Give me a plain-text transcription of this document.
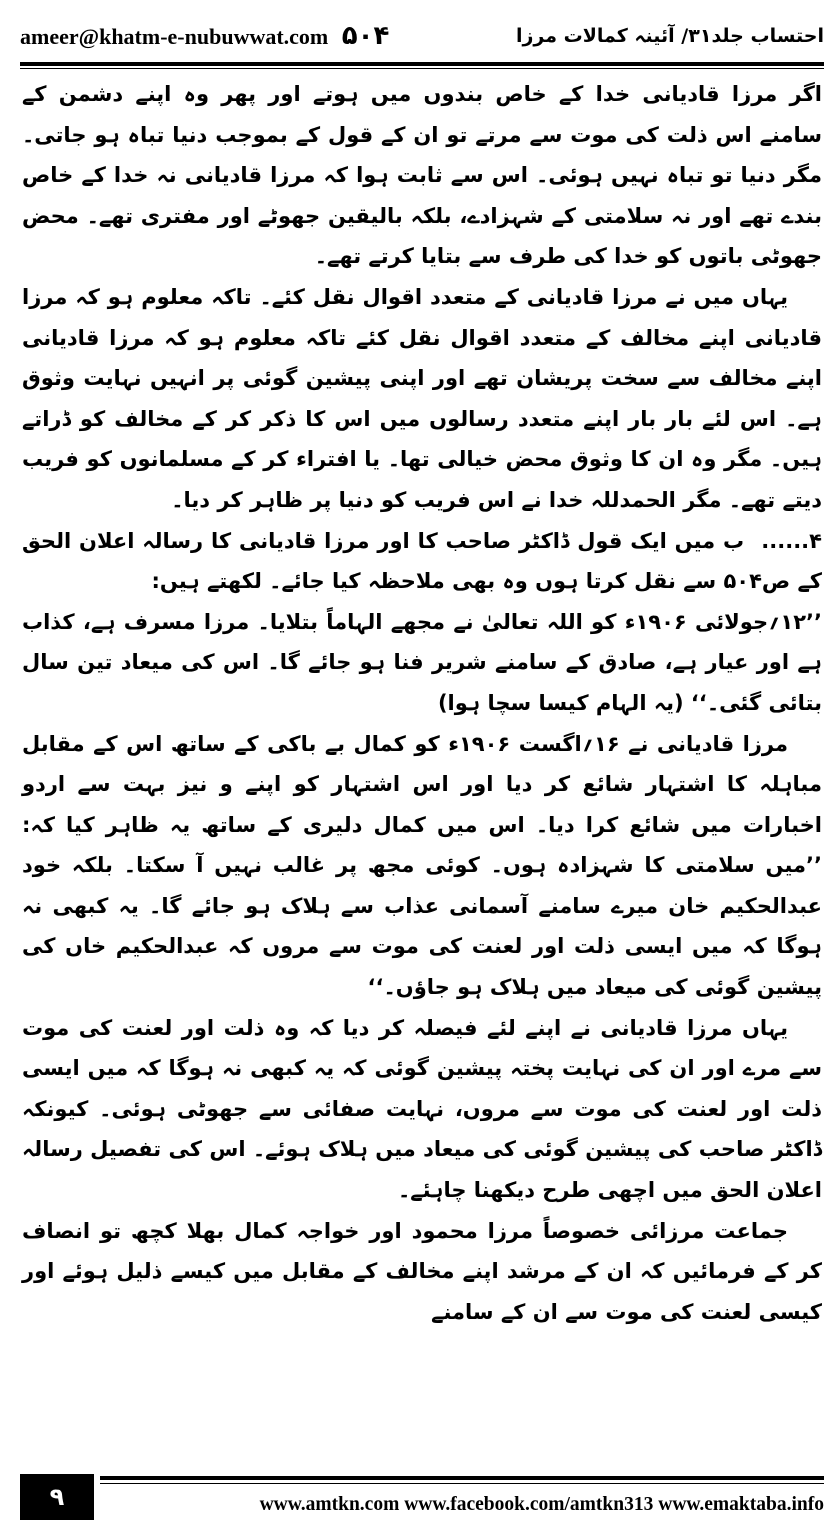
ameer@khatm-e-nubuwwat.com ۵۰۴	احتساب جلد۳۱/ آئینہ کمالات مرزا

اگر مرزا قادیانی خدا کے خاص بندوں میں ہوتے اور پھر وہ اپنے دشمن کے سامنے اس ذلت کی موت سے مرتے تو ان کے قول کے بموجب دنیا تباہ ہو جاتی۔ مگر دنیا تو تباہ نہیں ہوئی۔ اس سے ثابت ہوا کہ مرزا قادیانی نہ خدا کے خاص بندے تھے اور نہ سلامتی کے شہزادے، بلکہ بالیقین جھوٹے اور مفتری تھے۔ محض جھوٹی باتوں کو خدا کی طرف سے بتایا کرتے تھے۔

یہاں میں نے مرزا قادیانی کے متعدد اقوال نقل کئے۔ تاکہ معلوم ہو کہ مرزا قادیانی اپنے مخالف کے متعدد اقوال نقل کئے تاکہ معلوم ہو کہ مرزا قادیانی اپنے مخالف سے سخت پریشان تھے اور اپنی پیشین گوئی پر انہیں نہایت وثوق ہے۔ اس لئے بار بار اپنے متعدد رسالوں میں اس کا ذکر کر کے مخالف کو ڈراتے ہیں۔ مگر وہ ان کا وثوق محض خیالی تھا۔ یا افتراء کر کے مسلمانوں کو فریب دیتے تھے۔ مگر الحمدللہ خدا نے اس فریب کو دنیا پر ظاہر کر دیا۔

۴...... ب میں ایک قول ڈاکٹر صاحب کا اور مرزا قادیانی کا رسالہ اعلان الحق کے ص۵۰۴ سے نقل کرتا ہوں وہ بھی ملاحظہ کیا جائے۔ لکھتے ہیں:

’’۱۲؍جولائی ۱۹۰۶ء کو اللہ تعالیٰ نے مجھے الہاماً بتلایا۔ مرزا مسرف ہے، کذاب ہے اور عیار ہے، صادق کے سامنے شریر فنا ہو جائے گا۔ اس کی میعاد تین سال بتائی گئی۔‘‘ (یہ الہام کیسا سچا ہوا)

مرزا قادیانی نے ۱۶؍اگست ۱۹۰۶ء کو کمال بے باکی کے ساتھ اس کے مقابل مباہلہ کا اشتہار شائع کر دیا اور اس اشتہار کو اپنے و نیز بہت سے اردو اخبارات میں شائع کرا دیا۔ اس میں کمال دلیری کے ساتھ یہ ظاہر کیا کہ: ’’میں سلامتی کا شہزادہ ہوں۔ کوئی مجھ پر غالب نہیں آ سکتا۔ بلکہ خود عبدالحکیم خان میرے سامنے آسمانی عذاب سے ہلاک ہو جائے گا۔ یہ کبھی نہ ہوگا کہ میں ایسی ذلت اور لعنت کی موت سے مروں کہ عبدالحکیم خاں کی پیشین گوئی کی میعاد میں ہلاک ہو جاؤں۔‘‘

یہاں مرزا قادیانی نے اپنے لئے فیصلہ کر دیا کہ وہ ذلت اور لعنت کی موت سے مرے اور ان کی نہایت پختہ پیشین گوئی کہ یہ کبھی نہ ہوگا کہ میں ایسی ذلت اور لعنت کی موت سے مروں، نہایت صفائی سے جھوٹی ہوئی۔ کیونکہ ڈاکٹر صاحب کی پیشین گوئی کی میعاد میں ہلاک ہوئے۔ اس کی تفصیل رسالہ اعلان الحق میں اچھی طرح دیکھنا چاہئے۔

جماعت مرزائی خصوصاً مرزا محمود اور خواجہ کمال بھلا کچھ تو انصاف کر کے فرمائیں کہ ان کے مرشد اپنے مخالف کے مقابل میں کیسے ذلیل ہوئے اور کیسی لعنت کی موت سے ان کے سامنے

۹	www.amtkn.com www.facebook.com/amtkn313 www.emaktaba.info
